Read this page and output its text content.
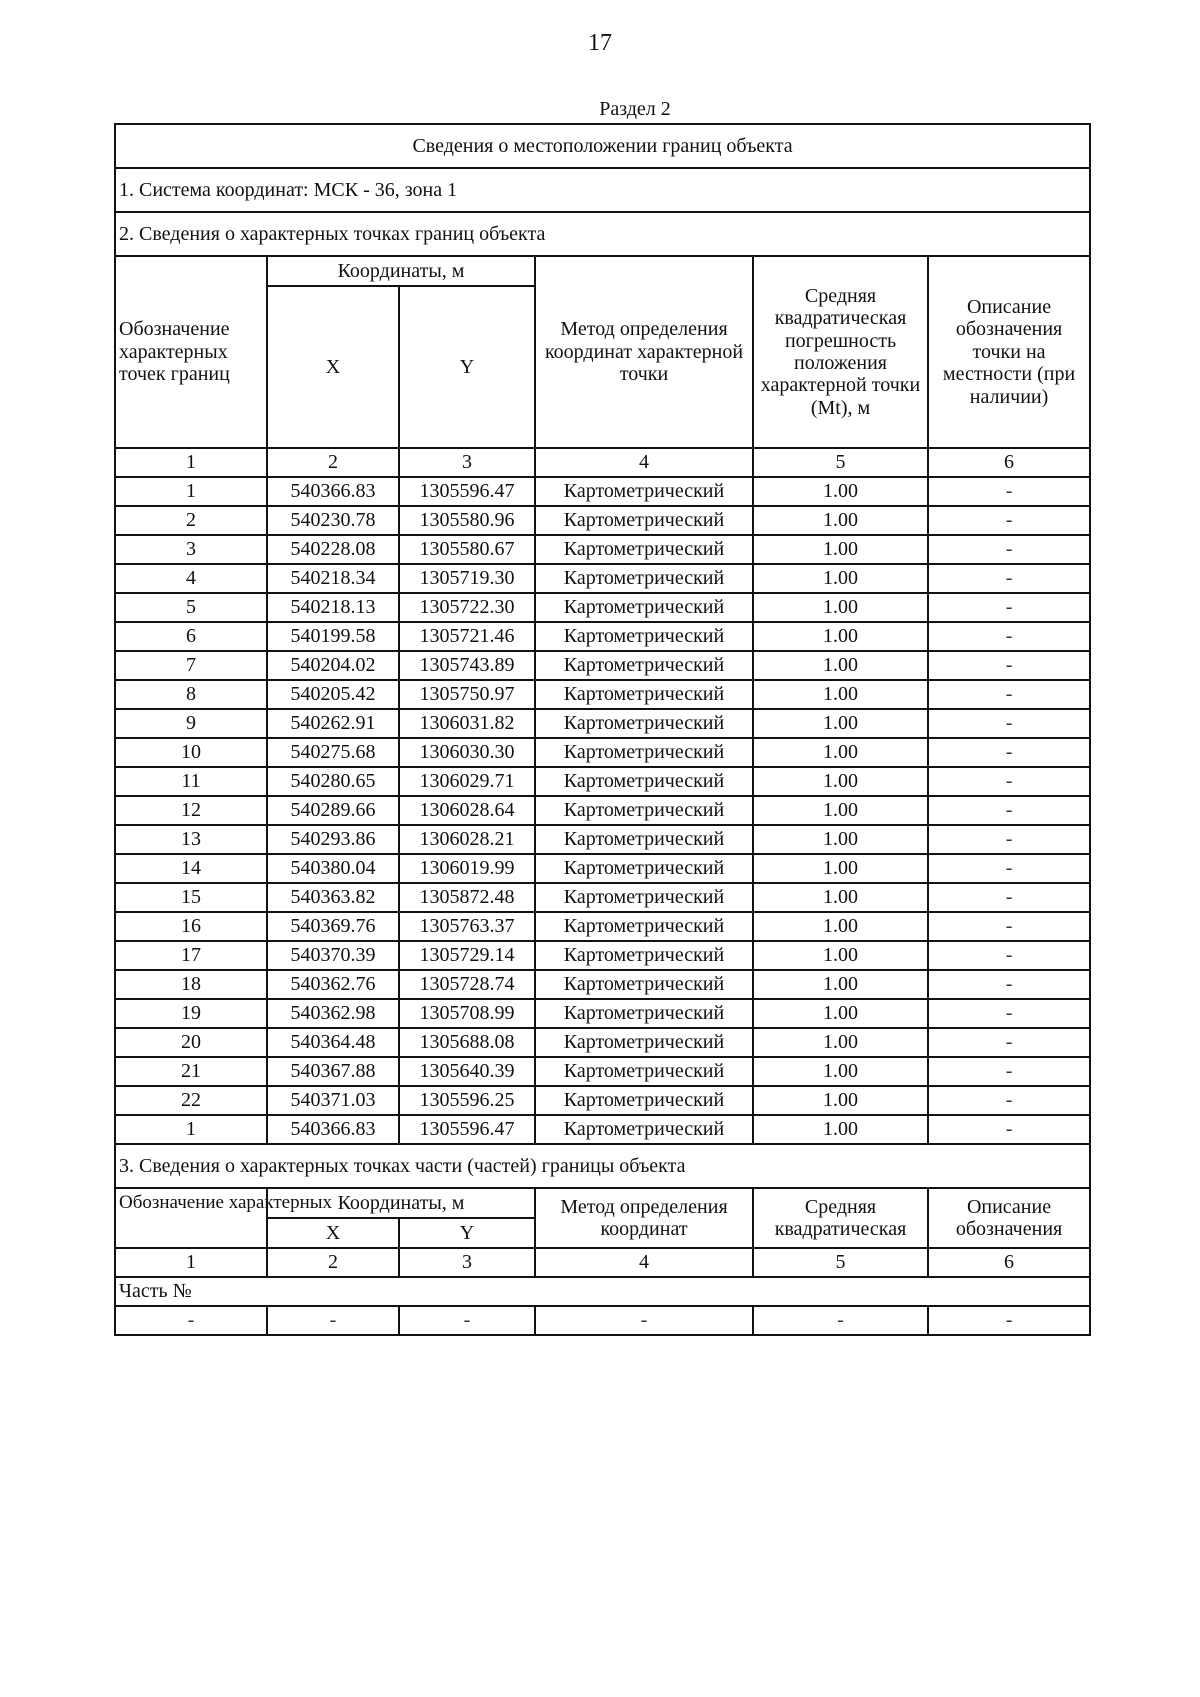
17
Раздел 2
Сведения о местоположении границ объекта					
1. Система координат: МСК - 36, зона 1					
2. Сведения о характерных точках границ объекта					
Обозначение характерных точек границ	Координаты, м		Метод определения координат характерной точки	Средняя квадратическая погрешность положения характерной точки (Mt), м	Описание обозначения точки на местности (при наличии)
	X	Y			
1	2	3	4	5	6
1	540366.83	1305596.47	Картометрический	1.00	-
2	540230.78	1305580.96	Картометрический	1.00	-
3	540228.08	1305580.67	Картометрический	1.00	-
4	540218.34	1305719.30	Картометрический	1.00	-
5	540218.13	1305722.30	Картометрический	1.00	-
6	540199.58	1305721.46	Картометрический	1.00	-
7	540204.02	1305743.89	Картометрический	1.00	-
8	540205.42	1305750.97	Картометрический	1.00	-
9	540262.91	1306031.82	Картометрический	1.00	-
10	540275.68	1306030.30	Картометрический	1.00	-
11	540280.65	1306029.71	Картометрический	1.00	-
12	540289.66	1306028.64	Картометрический	1.00	-
13	540293.86	1306028.21	Картометрический	1.00	-
14	540380.04	1306019.99	Картометрический	1.00	-
15	540363.82	1305872.48	Картометрический	1.00	-
16	540369.76	1305763.37	Картометрический	1.00	-
17	540370.39	1305729.14	Картометрический	1.00	-
18	540362.76	1305728.74	Картометрический	1.00	-
19	540362.98	1305708.99	Картометрический	1.00	-
20	540364.48	1305688.08	Картометрический	1.00	-
21	540367.88	1305640.39	Картометрический	1.00	-
22	540371.03	1305596.25	Картометрический	1.00	-
1	540366.83	1305596.47	Картометрический	1.00	-
3. Сведения о характерных точках части (частей) границы объекта					
Обозначение характерных	Координаты, м		Метод определения координат	Средняя квадратическая	Описание обозначения
	X	Y			
1	2	3	4	5	6
Часть №					
-	-	-	-	-	-
